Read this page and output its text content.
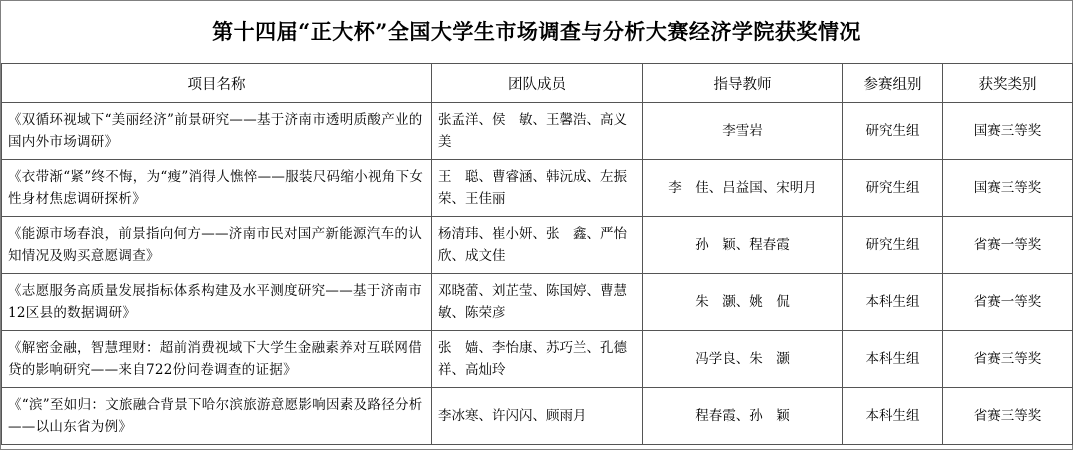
第十四届“正大杯”全国大学生市场调查与分析大赛经济学院获奖情况
项目名称	团队成员	指导教师	参赛组别	获奖类别
《双循环视域下“美丽经济”前景研究——基于济南市透明质酸产业的国内外市场调研》	张孟洋、侯　敏、王馨浩、高义美	李雪岩	研究生组	国赛三等奖
《衣带渐“紧”终不悔，为“瘦”消得人憔悴——服装尺码缩小视角下女性身材焦虑调研探析》	王　聪、曹睿涵、韩沅成、左振荣、王佳丽	李　佳、吕益国、宋明月	研究生组	国赛三等奖
《能源市场春浪，前景指向何方——济南市民对国产新能源汽车的认知情况及购买意愿调查》	杨清玮、崔小妍、张　鑫、严怡欣、成文佳	孙　颖、程春霞	研究生组	省赛一等奖
《志愿服务高质量发展指标体系构建及水平测度研究——基于济南市12区县的数据调研》	邓晓蕾、刘芷莹、陈国婷、曹慧敏、陈荣彦	朱　灏、姚　侃	本科生组	省赛一等奖
《解密金融，智慧理财：超前消费视域下大学生金融素养对互联网借贷的影响研究——来自722份问卷调查的证据》	张　嫱、李怡康、苏巧兰、孔德祥、高灿玲	冯学良、朱　灏	本科生组	省赛三等奖
《“滨”至如归：文旅融合背景下哈尔滨旅游意愿影响因素及路径分析——以山东省为例》	李冰寒、许闪闪、顾雨月	程春霞、孙　颖	本科生组	省赛三等奖
